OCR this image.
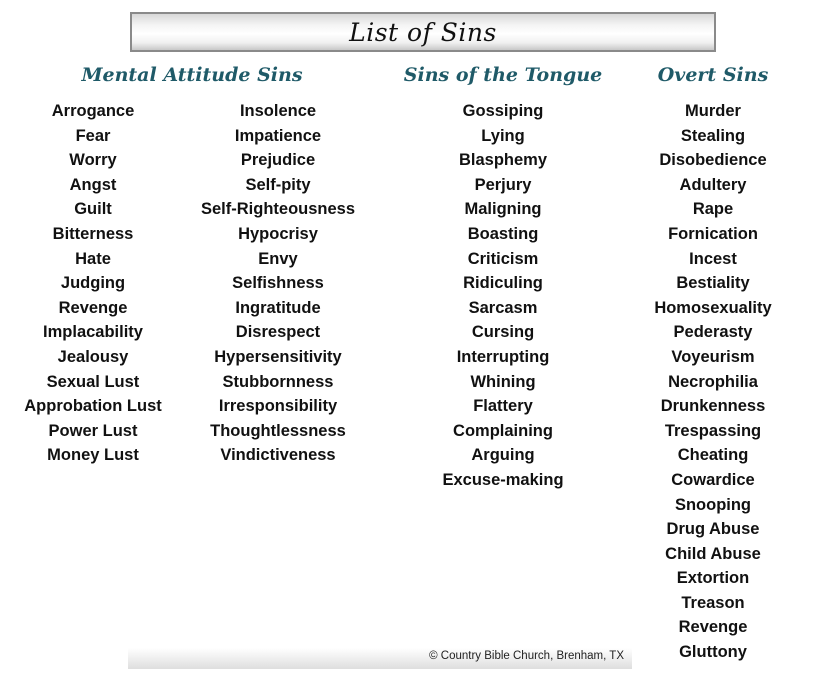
List of Sins
Mental Attitude Sins	Sins of the Tongue	Overt Sins
Arrogance
Fear
Worry
Angst
Guilt
Bitterness
Hate
Judging
Revenge
Implacability
Jealousy
Sexual Lust
Approbation Lust
Power Lust
Money Lust
Insolence
Impatience
Prejudice
Self-pity
Self-Righteousness
Hypocrisy
Envy
Selfishness
Ingratitude
Disrespect
Hypersensitivity
Stubbornness
Irresponsibility
Thoughtlessness
Vindictiveness
Gossiping
Lying
Blasphemy
Perjury
Maligning
Boasting
Criticism
Ridiculing
Sarcasm
Cursing
Interrupting
Whining
Flattery
Complaining
Arguing
Excuse-making
Murder
Stealing
Disobedience
Adultery
Rape
Fornication
Incest
Bestiality
Homosexuality
Pederasty
Voyeurism
Necrophilia
Drunkenness
Trespassing
Cheating
Cowardice
Snooping
Drug Abuse
Child Abuse
Extortion
Treason
Revenge
Gluttony
© Country Bible Church, Brenham, TX
